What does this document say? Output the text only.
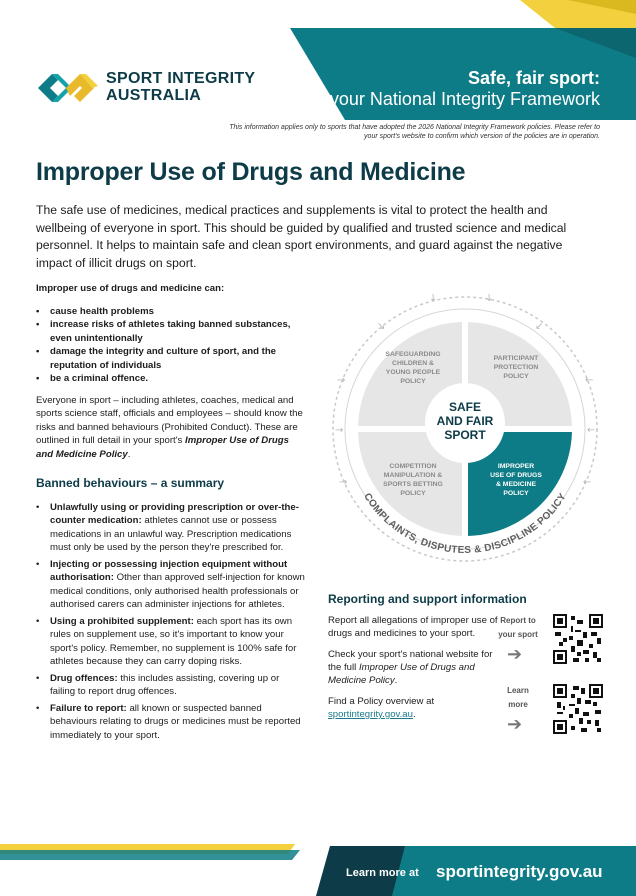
SPORT INTEGRITY
AUSTRALIA
Safe, fair sport:
your National Integrity Framework
This information applies only to sports that have adopted the 2026 National Integrity Framework policies. Please refer to your sport's website to confirm which version of the policies are in operation.
Improper Use of Drugs and Medicine

The safe use of medicines, medical practices and supplements is vital to protect the health and wellbeing of everyone in sport. This should be guided by qualified and trusted science and medical personnel. It helps to maintain safe and clean sport environments, and guard against the negative impact of illicit drugs on sport.

Improper use of drugs and medicine can:
• cause health problems
• increase risks of athletes taking banned substances, even unintentionally
• damage the integrity and culture of sport, and the reputation of individuals
• be a criminal offence.

Everyone in sport – including athletes, coaches, medical and sports science staff, officials and employees – should know the risks and banned behaviours (Prohibited Conduct). These are outlined in full detail in your sport's Improper Use of Drugs and Medicine Policy.

Banned behaviours – a summary
• Unlawfully using or providing prescription or over-the-counter medication: athletes cannot use or possess medications in an unlawful way. Prescription medications must only be used by the person they're prescribed for.
• Injecting or possessing injection equipment without authorisation: Other than approved self-injection for known medical conditions, only authorised health professionals or authorised carers can administer injections for athletes.
• Using a prohibited supplement: each sport has its own rules on supplement use, so it's important to know your sport's policy. Remember, no supplement is 100% safe for athletes because they can carry doping risks.
• Drug offences: this includes assisting, covering up or failing to report drug offences.
• Failure to report: all known or suspected banned behaviours relating to drugs or medicines must be reported immediately to your sport.
↓	↓
↘	↙
→	←
→	←
→	←
SAFE
AND FAIR
SPORT
SAFEGUARDING
CHILDREN &
YOUNG PEOPLE
POLICY
PARTICIPANT
PROTECTION
POLICY
COMPETITION
MANIPULATION &
SPORTS BETTING
POLICY
IMPROPER
USE OF DRUGS
& MEDICINE
POLICY
COMPLAINTS, DISPUTES & DISCIPLINE POLICY
Reporting and support information

Report all allegations of improper use of drugs and medicines to your sport.

Check your sport's national website for the full Improper Use of Drugs and Medicine Policy.

Find a Policy overview at
sportintegrity.gov.au.

Report to
your sport
➔
Learn
more
➔
Learn more at sportintegrity.gov.au
